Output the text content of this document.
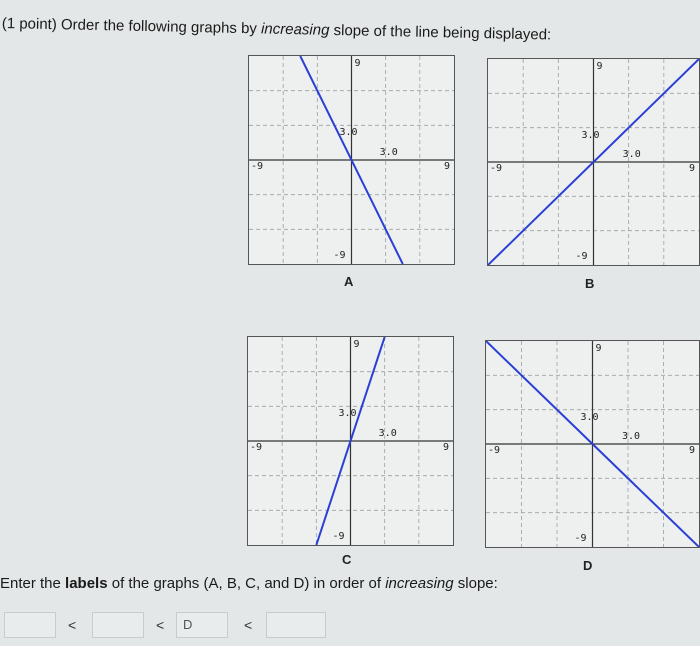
(1 point) Order the following graphs by increasing slope of the line being displayed:
9
-9
-9	9
3.0
3.0
A
9
-9
-9	9
3.0
3.0
B
9
-9
-9	9
3.0
3.0
C
9
-9
-9	9
3.0
3.0
D
Enter the labels of the graphs (A, B, C, and D) in order of increasing slope:
<	<	D	<
